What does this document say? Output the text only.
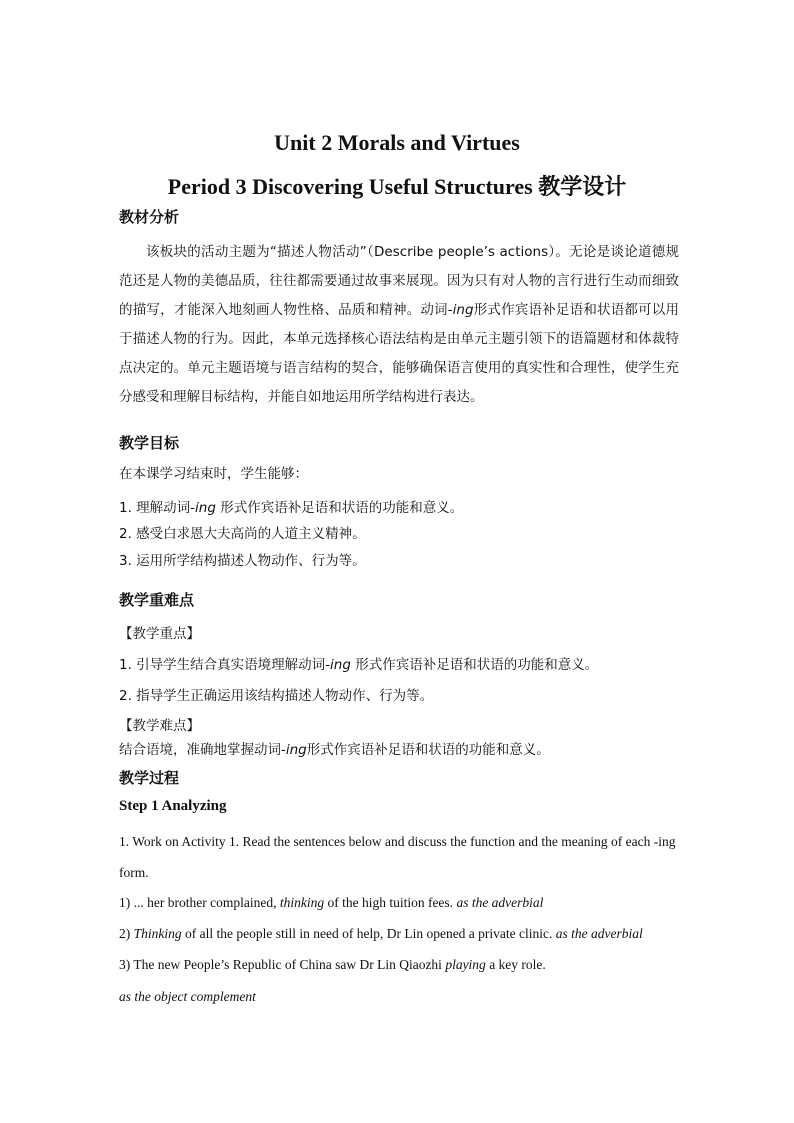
Unit 2 Morals and Virtues
Period 3 Discovering Useful Structures 教学设计
教材分析
该板块的活动主题为“描述人物活动”（Describe people’s actions）。无论是谈论道德规范还是人物的美德品质，往往都需要通过故事来展现。因为只有对人物的言行进行生动而细致的描写，才能深入地刻画人物性格、品质和精神。动词-ing形式作宾语补足语和状语都可以用于描述人物的行为。因此，本单元选择核心语法结构是由单元主题引领下的语篇题材和体裁特点决定的。单元主题语境与语言结构的契合，能够确保语言使用的真实性和合理性，使学生充分感受和理解目标结构，并能自如地运用所学结构进行表达。
教学目标
在本课学习结束时，学生能够：
1. 理解动词-ing 形式作宾语补足语和状语的功能和意义。
2. 感受白求恩大夫高尚的人道主义精神。
3. 运用所学结构描述人物动作、行为等。
教学重难点
【教学重点】
1. 引导学生结合真实语境理解动词-ing 形式作宾语补足语和状语的功能和意义。
2. 指导学生正确运用该结构描述人物动作、行为等。
【教学难点】
结合语境，准确地掌握动词-ing形式作宾语补足语和状语的功能和意义。
教学过程
Step 1 Analyzing
1. Work on Activity 1. Read the sentences below and discuss the function and the meaning of each -ing form.
1) ... her brother complained, thinking of the high tuition fees. as the adverbial
2) Thinking of all the people still in need of help, Dr Lin opened a private clinic. as the adverbial
3) The new People’s Republic of China saw Dr Lin Qiaozhi playing a key role.
as the object complement
